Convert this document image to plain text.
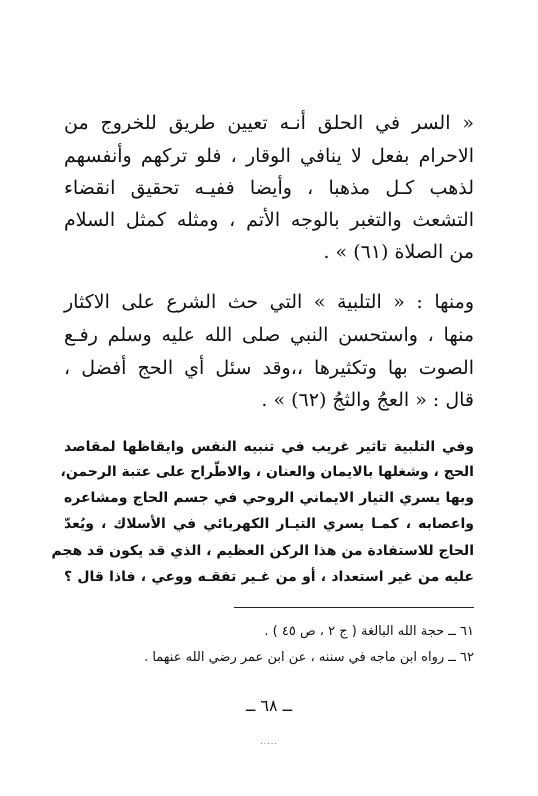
« السر في الحلق أنـه تعيين طريق للخروج من
الاحرام بفعل لا ينافي الوقار ، فلو تركهم وأنفسهم
لذهب كـل مذهبا ، وأيضا ففيـه تحقيق انقضاء
التشعث والتغبر بالوجه الأتم ، ومثله كمثل السلام
من الصلاة (٦١) » .
ومنها : « التلبية » التي حث الشرع على الاكثار
منها ، واستحسن النبي صلى الله عليه وسلم رفـع
الصوت بها وتكثيرها ،،وقد سئل أي الحج أفضل ،
قال : « العجُ والثجُ (٦٢) » .
وفي التلبية تاثير غريب في تنبيه النفس وايقاظها لمقاصد
الحج ، وشغلها بالايمان والعنان ، والاطّراح على عتبة الرحمن،
وبها يسري التيار الايماني الروحي في جسم الحاج ومشاعره
واعصابه ، كمـا يسري التيـار الكهربائي في الأسلاك ، ويُعدّ
الحاج للاستفادة من هذا الركن العظيم ، الذي قد يكون قد هجم
عليه من غير استعداد ، أو من غـير تفقـه ووعي ، فاذا قال ؟
٦١ ــ حجة الله البالغة ( ج ٢ ، ص ٤٥ ) .
٦٢ ــ رواه ابن ماجه في سننه ، عن ابن عمر رضي الله عنهما .
ــ ٦٨ ــ
.....
